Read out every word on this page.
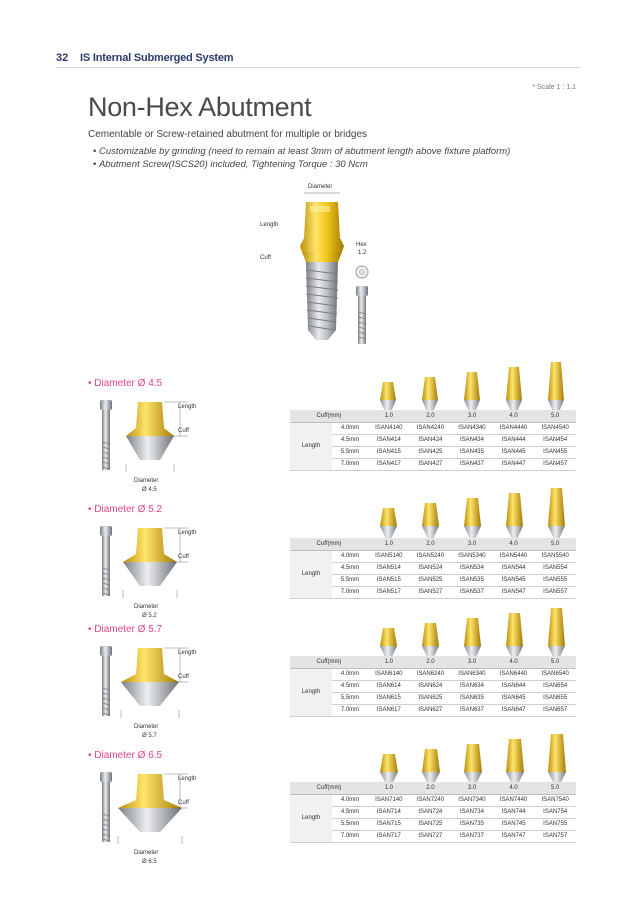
32 IS Internal Submerged System
* Scale 1 : 1.1
Non-Hex Abutment
Cementable or Screw-retained abutment for multiple or bridges
• Customizable by grinding (need to remain at least 3mm of abutment length above fixture platform)
• Abutment Screw(ISCS20) included, Tightening Torque : 30 Ncm
Diameter
Length
Cuff
Hex
1.2
• Diameter Ø 4.5
Length
Cuff
Diameter
Ø 4.5
Cuff(mm)		1.0	2.0	3.0	4.0	5.0
Length	4.0mm	ISAN4140	ISAN4240	ISAN4340	ISAN4440	ISAN4540
	4.5mm	ISAN414	ISAN424	ISAN434	ISAN444	ISAN454
	5.5mm	ISAN415	ISAN425	ISAN435	ISAN445	ISAN455
	7.0mm	ISAN417	ISAN427	ISAN437	ISAN447	ISAN457
• Diameter Ø 5.2
Length
Cuff
Diameter
Ø 5.2
Cuff(mm)		1.0	2.0	3.0	4.0	5.0
Length	4.0mm	ISAN5140	ISAN5240	ISAN5340	ISAN5440	ISAN5540
	4.5mm	ISAN514	ISAN524	ISAN534	ISAN544	ISAN554
	5.5mm	ISAN515	ISAN525	ISAN535	ISAN545	ISAN555
	7.0mm	ISAN517	ISAN527	ISAN537	ISAN547	ISAN557
• Diameter Ø 5.7
Length
Cuff
Diameter
Ø 5.7
Cuff(mm)		1.0	2.0	3.0	4.0	5.0
Length	4.0mm	ISAN6140	ISAN6240	ISAN6340	ISAN6440	ISAN6540
	4.5mm	ISAN614	ISAN624	ISAN634	ISAN644	ISAN654
	5.5mm	ISAN615	ISAN625	ISAN635	ISAN645	ISAN655
	7.0mm	ISAN617	ISAN627	ISAN637	ISAN647	ISAN657
• Diameter Ø 6.5
Length
Cuff
Diameter
Ø 6.5
Cuff(mm)		1.0	2.0	3.0	4.0	5.0
Length	4.0mm	ISAN7140	ISAN7240	ISAN7340	ISAN7440	ISAN7540
	4.5mm	ISAN714	ISAN724	ISAN734	ISAN744	ISAN754
	5.5mm	ISAN715	ISAN725	ISAN735	ISAN745	ISAN755
	7.0mm	ISAN717	ISAN727	ISAN737	ISAN747	ISAN757
